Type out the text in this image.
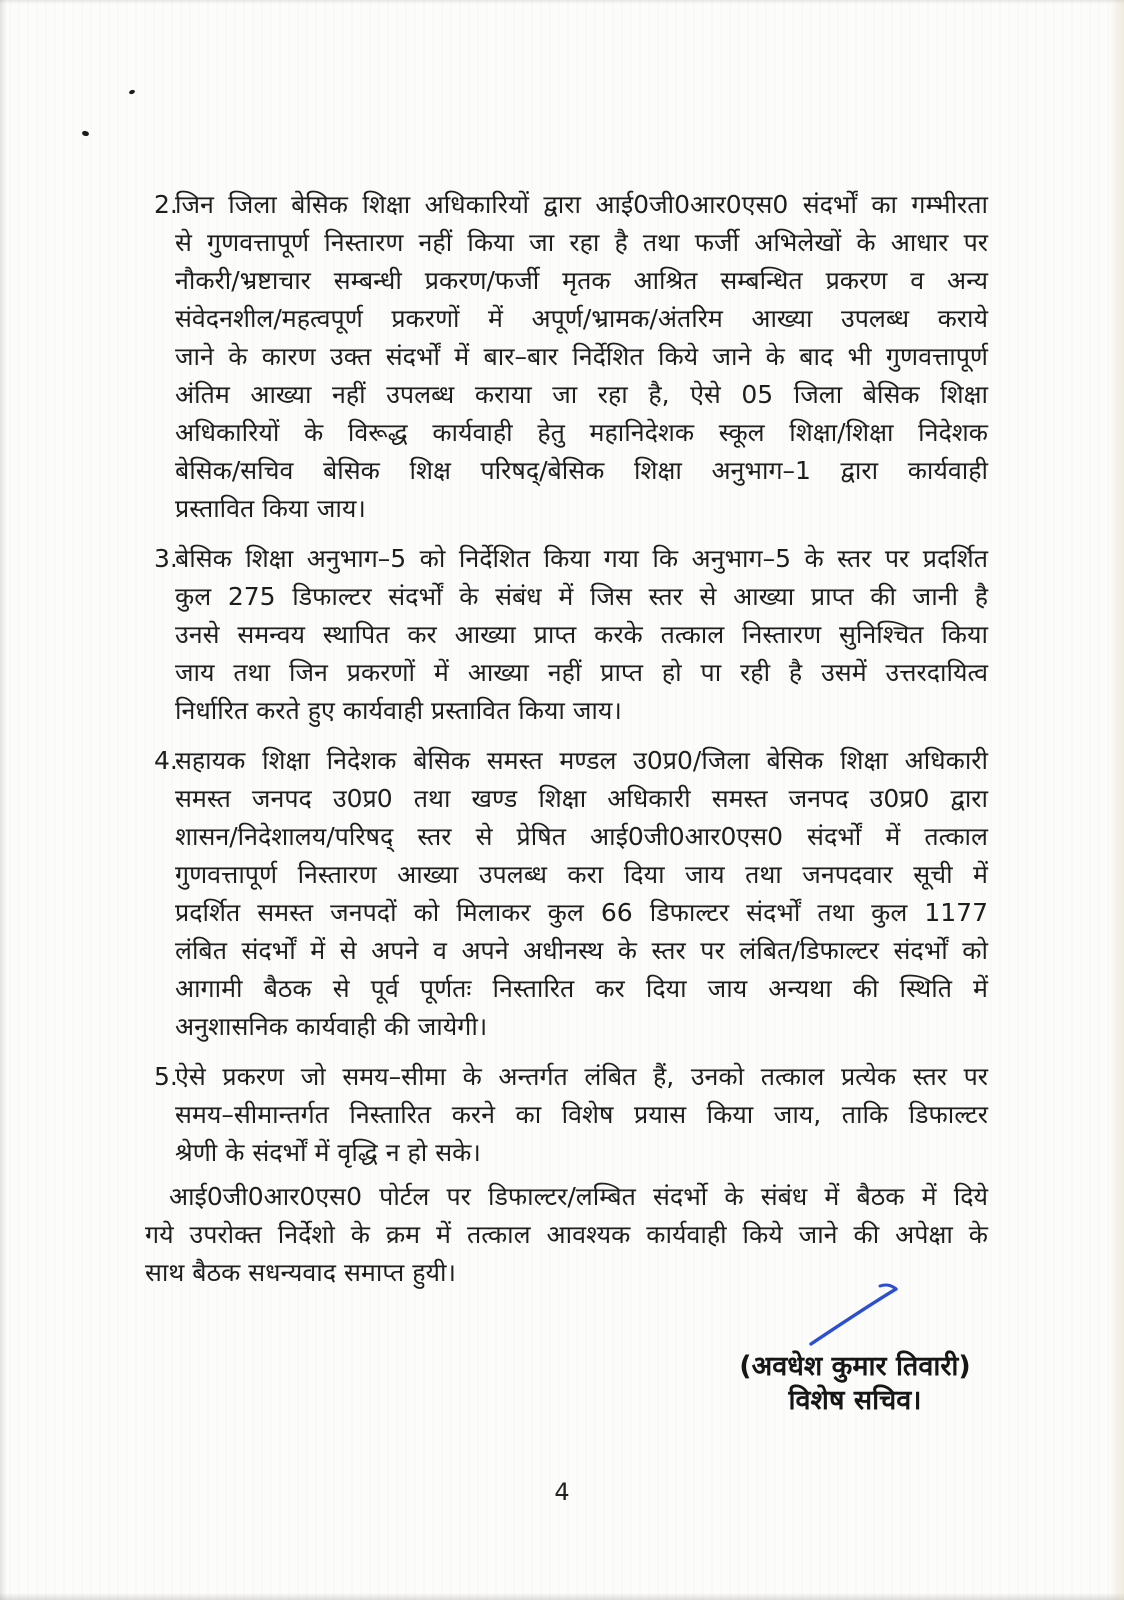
2.
जिन जिला बेसिक शिक्षा अधिकारियों द्वारा आई0जी0आर0एस0 संदर्भों का गम्भीरता
से गुणवत्तापूर्ण निस्तारण नहीं किया जा रहा है तथा फर्जी अभिलेखों के आधार पर
नौकरी/भ्रष्टाचार सम्बन्धी प्रकरण/फर्जी मृतक आश्रित सम्बन्धित प्रकरण व अन्य
संवेदनशील/महत्वपूर्ण प्रकरणों में अपूर्ण/भ्रामक/अंतरिम आख्या उपलब्ध कराये
जाने के कारण उक्त संदर्भों में बार–बार निर्देशित किये जाने के बाद भी गुणवत्तापूर्ण
अंतिम आख्या नहीं उपलब्ध कराया जा रहा है, ऐसे 05 जिला बेसिक शिक्षा
अधिकारियों के विरूद्ध कार्यवाही हेतु महानिदेशक स्कूल शिक्षा/शिक्षा निदेशक
बेसिक/सचिव बेसिक शिक्ष परिषद्/बेसिक शिक्षा अनुभाग–1 द्वारा कार्यवाही
प्रस्तावित किया जाय।
3.
बेसिक शिक्षा अनुभाग–5 को निर्देशित किया गया कि अनुभाग–5 के स्तर पर प्रदर्शित
कुल 275 डिफाल्टर संदर्भों के संबंध में जिस स्तर से आख्या प्राप्त की जानी है
उनसे समन्वय स्थापित कर आख्या प्राप्त करके तत्काल निस्तारण सुनिश्चित किया
जाय तथा जिन प्रकरणों में आख्या नहीं प्राप्त हो पा रही है उसमें उत्तरदायित्व
निर्धारित करते हुए कार्यवाही प्रस्तावित किया जाय।
4.
सहायक शिक्षा निदेशक बेसिक समस्त मण्डल उ0प्र0/जिला बेसिक शिक्षा अधिकारी
समस्त जनपद उ0प्र0 तथा खण्ड शिक्षा अधिकारी समस्त जनपद उ0प्र0 द्वारा
शासन/निदेशालय/परिषद् स्तर से प्रेषित आई0जी0आर0एस0 संदर्भों में तत्काल
गुणवत्तापूर्ण निस्तारण आख्या उपलब्ध करा दिया जाय तथा जनपदवार सूची में
प्रदर्शित समस्त जनपदों को मिलाकर कुल 66 डिफाल्टर संदर्भों तथा कुल 1177
लंबित संदर्भों में से अपने व अपने अधीनस्थ के स्तर पर लंबित/डिफाल्टर संदर्भों को
आगामी बैठक से पूर्व पूर्णतः निस्तारित कर दिया जाय अन्यथा की स्थिति में
अनुशासनिक कार्यवाही की जायेगी।
5.
ऐसे प्रकरण जो समय–सीमा के अन्तर्गत लंबित हैं, उनको तत्काल प्रत्येक स्तर पर
समय–सीमान्तर्गत निस्तारित करने का विशेष प्रयास किया जाय, ताकि डिफाल्टर
श्रेणी के संदर्भों में वृद्धि न हो सके।
आई0जी0आर0एस0 पोर्टल पर डिफाल्टर/लम्बित संदर्भो के संबंध में बैठक में दिये
गये उपरोक्त निर्देशो के क्रम में तत्काल आवश्यक कार्यवाही किये जाने की अपेक्षा के
साथ बैठक सधन्यवाद समाप्त हुयी।
(अवधेश कुमार तिवारी)
विशेष सचिव।
4
